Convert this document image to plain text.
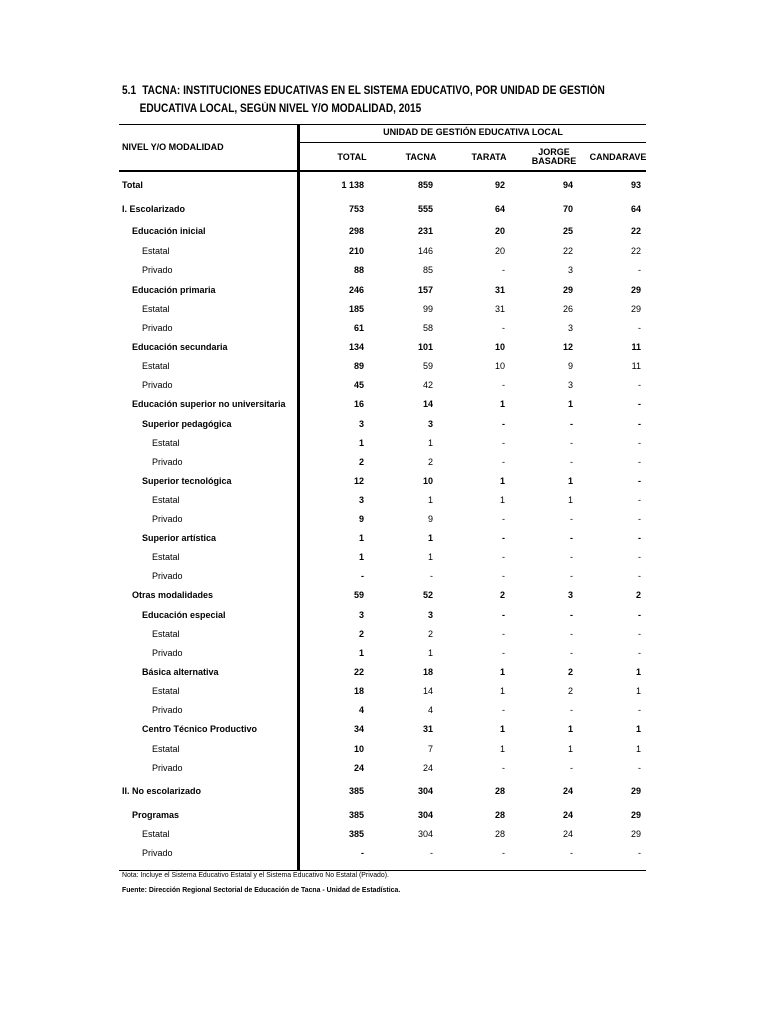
5.1 TACNA: INSTITUCIONES EDUCATIVAS EN EL SISTEMA EDUCATIVO, POR UNIDAD DE GESTIÓN
EDUCATIVA LOCAL, SEGÚN NIVEL Y/O MODALIDAD, 2015
UNIDAD DE GESTIÓN EDUCATIVA LOCAL
NIVEL Y/O MODALIDAD
TOTAL	TACNA	TARATA	JORGE
BASADRE	CANDARAVE
Total	1 138	859	92	94	93
I. Escolarizado	753	555	64	70	64
Educación inicial	298	231	20	25	22
Estatal	210	146	20	22	22
Privado	88	85	-	3	-
Educación primaria	246	157	31	29	29
Estatal	185	99	31	26	29
Privado	61	58	-	3	-
Educación secundaria	134	101	10	12	11
Estatal	89	59	10	9	11
Privado	45	42	-	3	-
Educación superior no universitaria	16	14	1	1	-
Superior pedagógica	3	3	-	-	-
Estatal	1	1	-	-	-
Privado	2	2	-	-	-
Superior tecnológica	12	10	1	1	-
Estatal	3	1	1	1	-
Privado	9	9	-	-	-
Superior artística	1	1	-	-	-
Estatal	1	1	-	-	-
Privado	-	-	-	-	-
Otras modalidades	59	52	2	3	2
Educación especial	3	3	-	-	-
Estatal	2	2	-	-	-
Privado	1	1	-	-	-
Básica alternativa	22	18	1	2	1
Estatal	18	14	1	2	1
Privado	4	4	-	-	-
Centro Técnico Productivo	34	31	1	1	1
Estatal	10	7	1	1	1
Privado	24	24	-	-	-
II. No escolarizado	385	304	28	24	29
Programas	385	304	28	24	29
Estatal	385	304	28	24	29
Privado	-	-	-	-	-
Nota: Incluye el Sistema Educativo Estatal y el Sistema Educativo No Estatal (Privado).
Fuente: Dirección Regional Sectorial de Educación de Tacna - Unidad de Estadística.
